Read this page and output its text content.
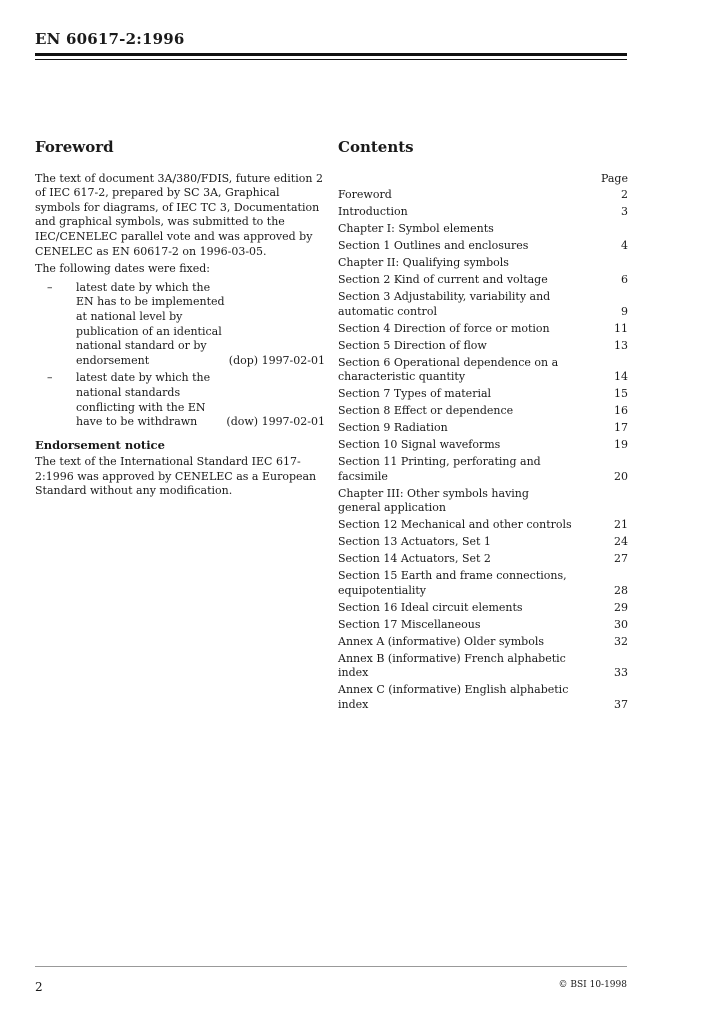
EN 60617-2:1996
Foreword

The text of document 3A/380/FDIS, future edition 2 of IEC 617-2, prepared by SC 3A, Graphical symbols for diagrams, of IEC TC 3, Documentation and graphical symbols, was submitted to the IEC/CENELEC parallel vote and was approved by CENELEC as EN 60617-2 on 1996-03-05.

The following dates were fixed:

–	latest date by which the EN has to be implemented at national level by publication of an identical national standard or by endorsement	(dop) 1997-02-01
–	latest date by which the national standards conflicting with the EN have to be withdrawn	(dow) 1997-02-01
Endorsement notice

The text of the International Standard IEC 617-2:1996 was approved by CENELEC as a European Standard without any modification.

Contents
Page
Foreword	2
Introduction	3
Chapter I: Symbol elements
Section 1 Outlines and enclosures	4
Chapter II: Qualifying symbols
Section 2 Kind of current and voltage	6
Section 3 Adjustability, variability and automatic control	9
Section 4 Direction of force or motion	11
Section 5 Direction of flow	13
Section 6 Operational dependence on a characteristic quantity	14
Section 7 Types of material	15
Section 8 Effect or dependence	16
Section 9 Radiation	17
Section 10 Signal waveforms	19
Section 11 Printing, perforating and facsimile	20
Chapter III: Other symbols having general application
Section 12 Mechanical and other controls	21
Section 13 Actuators, Set 1	24
Section 14 Actuators, Set 2	27
Section 15 Earth and frame connections, equipotentiality	28
Section 16 Ideal circuit elements	29
Section 17 Miscellaneous	30
Annex A (informative) Older symbols	32
Annex B (informative) French alphabetic index	33
Annex C (informative) English alphabetic index	37
2	© BSI 10-1998
